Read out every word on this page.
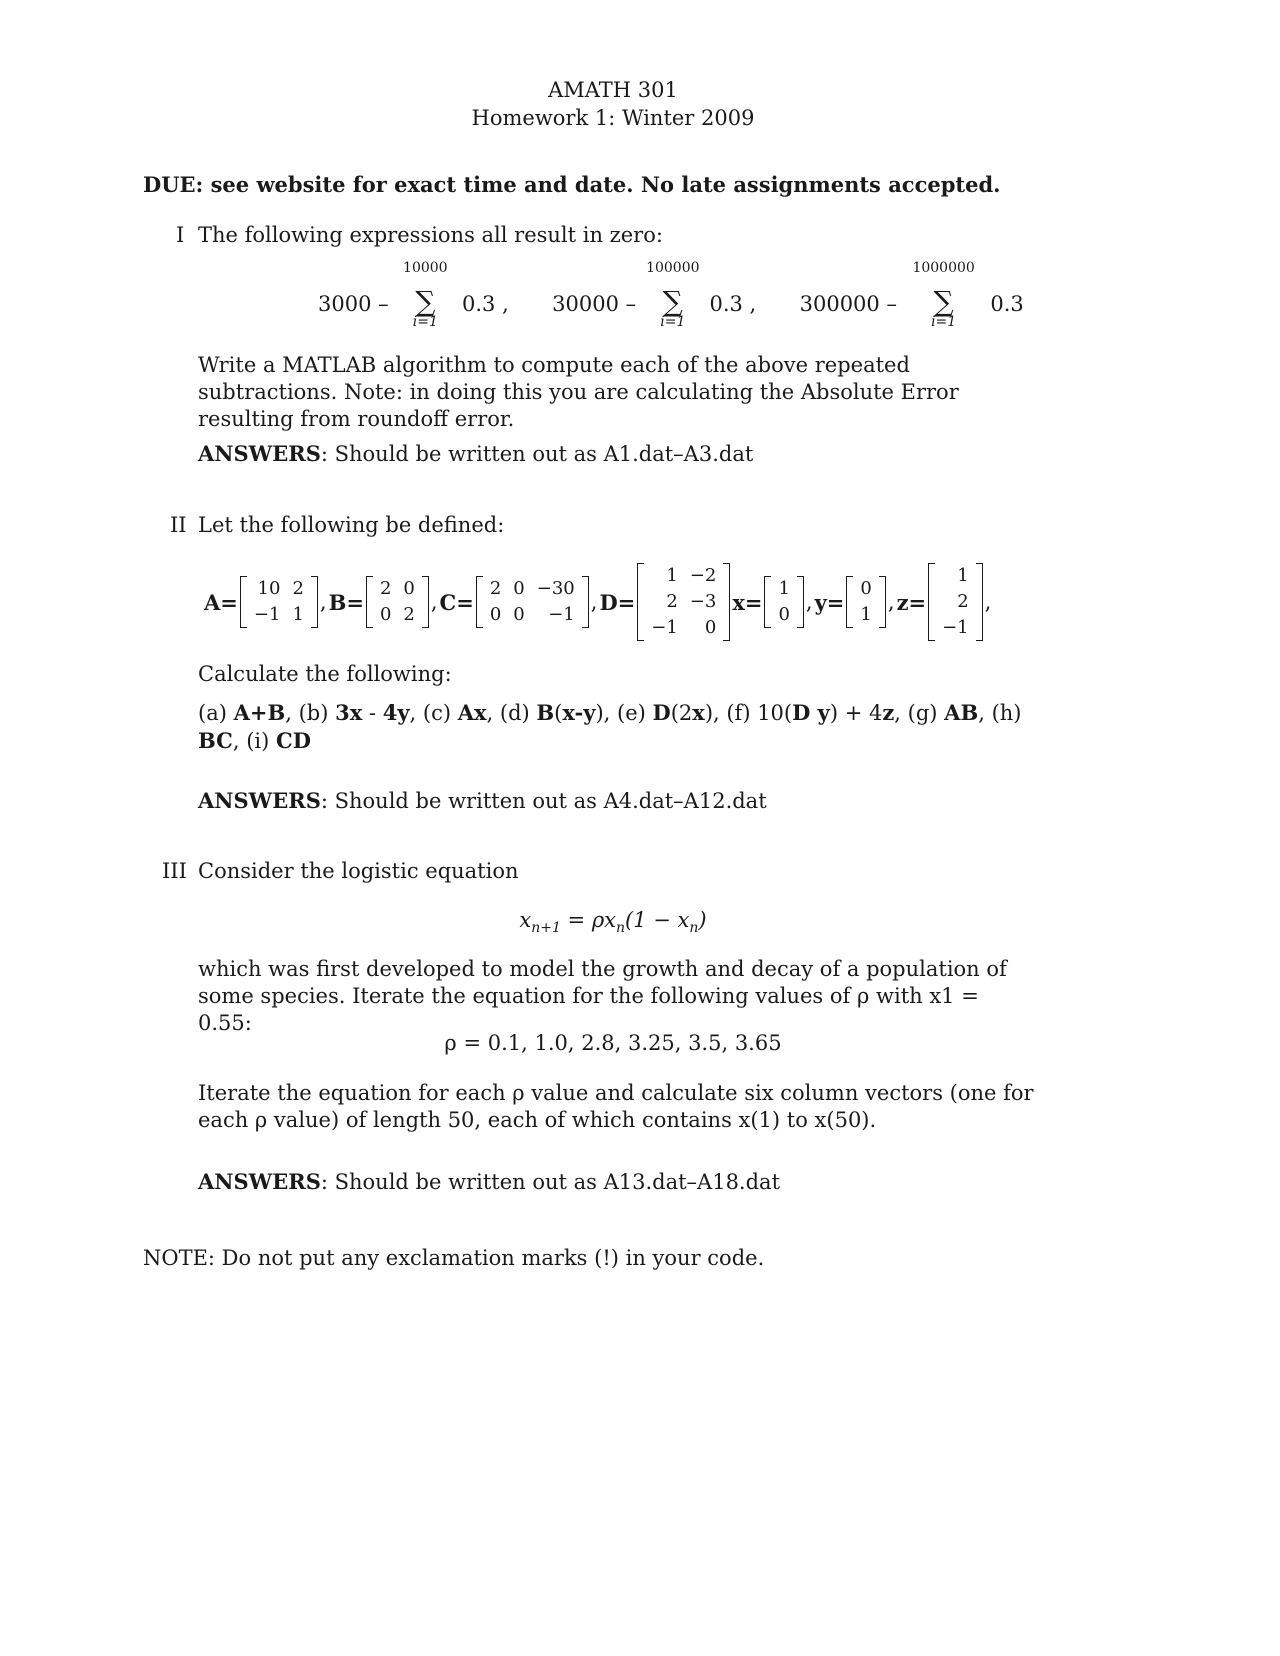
AMATH 301
Homework 1: Winter 2009
DUE: see website for exact time and date. No late assignments accepted.
I The following expressions all result in zero:
3000 –
10000
∑
i=1
0.3 , 30000 –
100000
∑
i=1
0.3 , 300000 –
1000000
∑
i=1
0.3
Write a MATLAB algorithm to compute each of the above repeated subtractions. Note: in doing this you are calculating the Absolute Error resulting from roundoff error.
ANSWERS: Should be written out as A1.dat–A3.dat
II Let the following be defined:
A=
10	2
−1	1
, B=
2	0
0	2
, C=
2	0	−30
0	0	−1
, D=
1	−2
2	−3
−1	0
x=
1
0
, y=
0
1
, z=
1
2
−1
,
Calculate the following:
(a) A+B, (b) 3x - 4y, (c) Ax, (d) B(x-y), (e) D(2x), (f) 10(D y) + 4z, (g) AB, (h) BC, (i) CD
ANSWERS: Should be written out as A4.dat–A12.dat
III Consider the logistic equation
$x_{n+1} = \rho x_n(1 - x_n)$
which was first developed to model the growth and decay of a population of some species. Iterate the equation for the following values of ρ with x1 = 0.55:
ρ = 0.1, 1.0, 2.8, 3.25, 3.5, 3.65
Iterate the equation for each ρ value and calculate six column vectors (one for each ρ value) of length 50, each of which contains x(1) to x(50).
ANSWERS: Should be written out as A13.dat–A18.dat
NOTE: Do not put any exclamation marks (!) in your code.
